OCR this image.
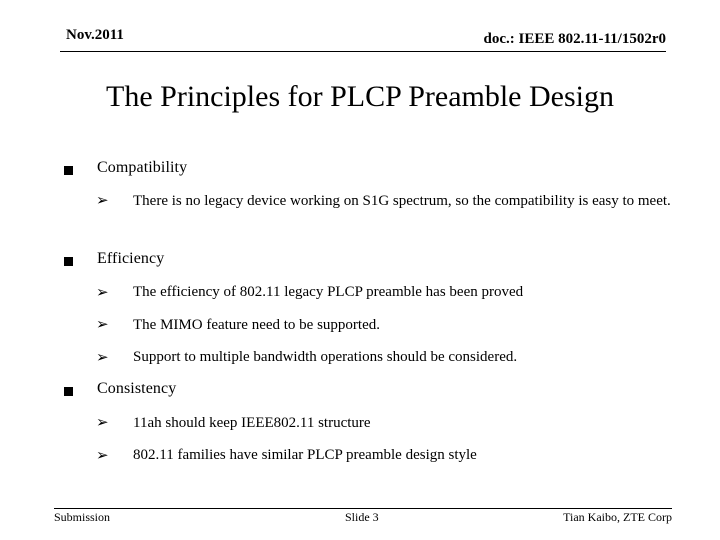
Nov.2011	doc.: IEEE 802.11-11/1502r0
The Principles for PLCP Preamble Design
Compatibility
➢ There is no legacy device working on S1G spectrum, so the compatibility is easy to meet.
Efficiency
➢ The efficiency of 802.11 legacy PLCP preamble has been proved
➢ The MIMO feature need to be supported.
➢ Support to multiple bandwidth operations should be considered.
Consistency
➢ 11ah should keep IEEE802.11 structure
➢ 802.11 families have similar PLCP preamble design style
Submission	Slide 3	Tian Kaibo, ZTE Corp
